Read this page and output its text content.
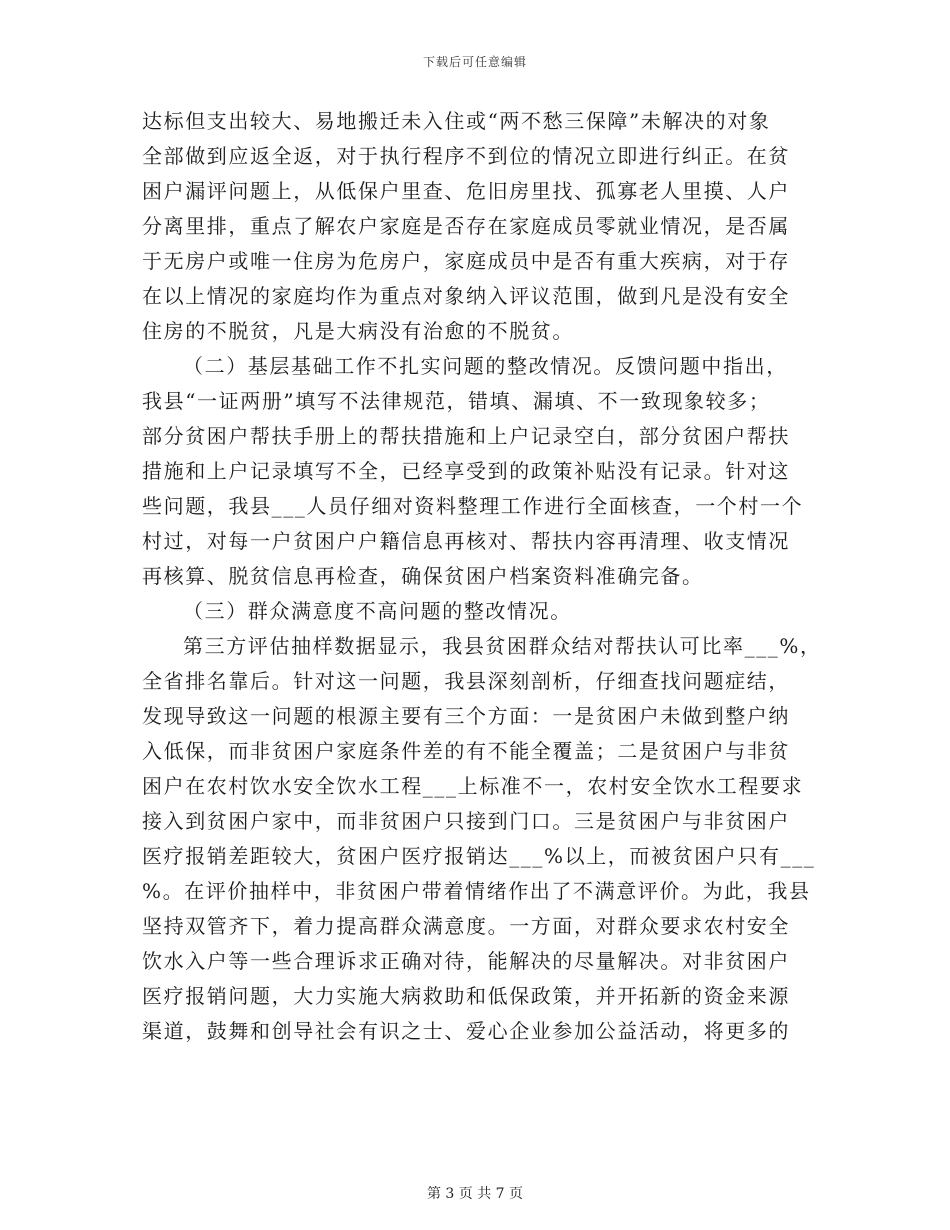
下载后可任意编辑
达标但支出较大、易地搬迁未入住或“两不愁三保障”未解决的对象
全部做到应返全返，对于执行程序不到位的情况立即进行纠正。在贫
困户漏评问题上，从低保户里查、危旧房里找、孤寡老人里摸、人户
分离里排，重点了解农户家庭是否存在家庭成员零就业情况，是否属
于无房户或唯一住房为危房户，家庭成员中是否有重大疾病，对于存
在以上情况的家庭均作为重点对象纳入评议范围，做到凡是没有安全
住房的不脱贫，凡是大病没有治愈的不脱贫。
（二）基层基础工作不扎实问题的整改情况。反馈问题中指出，
我县“一证两册”填写不法律规范，错填、漏填、不一致现象较多；
部分贫困户帮扶手册上的帮扶措施和上户记录空白，部分贫困户帮扶
措施和上户记录填写不全，已经享受到的政策补贴没有记录。针对这
些问题，我县___人员仔细对资料整理工作进行全面核查，一个村一个
村过，对每一户贫困户户籍信息再核对、帮扶内容再清理、收支情况
再核算、脱贫信息再检查，确保贫困户档案资料准确完备。
（三）群众满意度不高问题的整改情况。
第三方评估抽样数据显示，我县贫困群众结对帮扶认可比率___%，
全省排名靠后。针对这一问题，我县深刻剖析，仔细查找问题症结，
发现导致这一问题的根源主要有三个方面：一是贫困户未做到整户纳
入低保，而非贫困户家庭条件差的有不能全覆盖；二是贫困户与非贫
困户在农村饮水安全饮水工程___上标准不一，农村安全饮水工程要求
接入到贫困户家中，而非贫困户只接到门口。三是贫困户与非贫困户
医疗报销差距较大，贫困户医疗报销达___%以上，而被贫困户只有___
%。在评价抽样中，非贫困户带着情绪作出了不满意评价。为此，我县
坚持双管齐下，着力提高群众满意度。一方面，对群众要求农村安全
饮水入户等一些合理诉求正确对待，能解决的尽量解决。对非贫困户
医疗报销问题，大力实施大病救助和低保政策，并开拓新的资金来源
渠道，鼓舞和创导社会有识之士、爱心企业参加公益活动，将更多的
第 3 页 共 7 页
